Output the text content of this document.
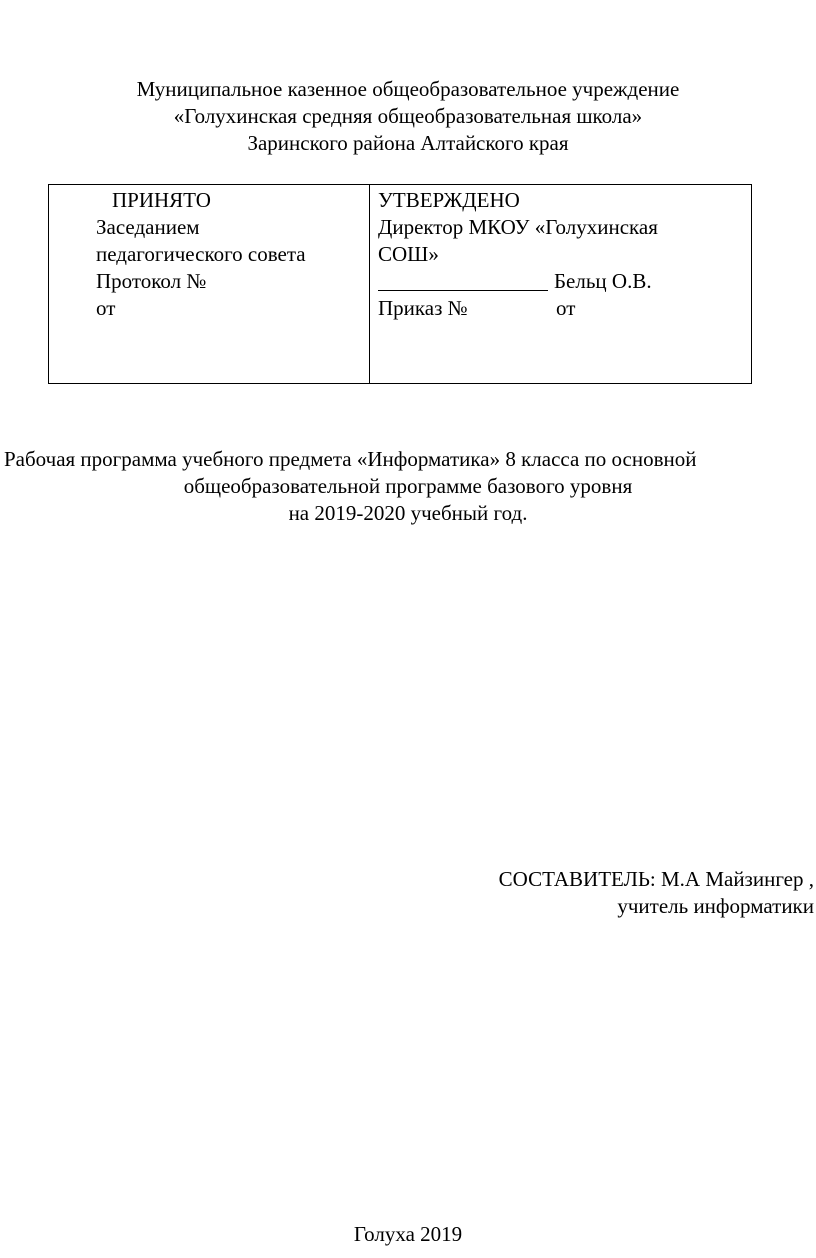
Муниципальное казенное общеобразовательное учреждение
«Голухинская средняя общеобразовательная школа»
Заринского района Алтайского края
ПРИНЯТО
Заседанием
педагогического совета
Протокол №
от
УТВЕРЖДЕНО
Директор МКОУ «Голухинская
СОШ»
Бельц О.В.
Приказ №	от
Рабочая программа учебного предмета «Информатика» 8 класса по основной
общеобразовательной программе базового уровня
на 2019-2020 учебный год.
СОСТАВИТЕЛЬ: М.А Майзингер ,
учитель информатики
Голуха 2019
